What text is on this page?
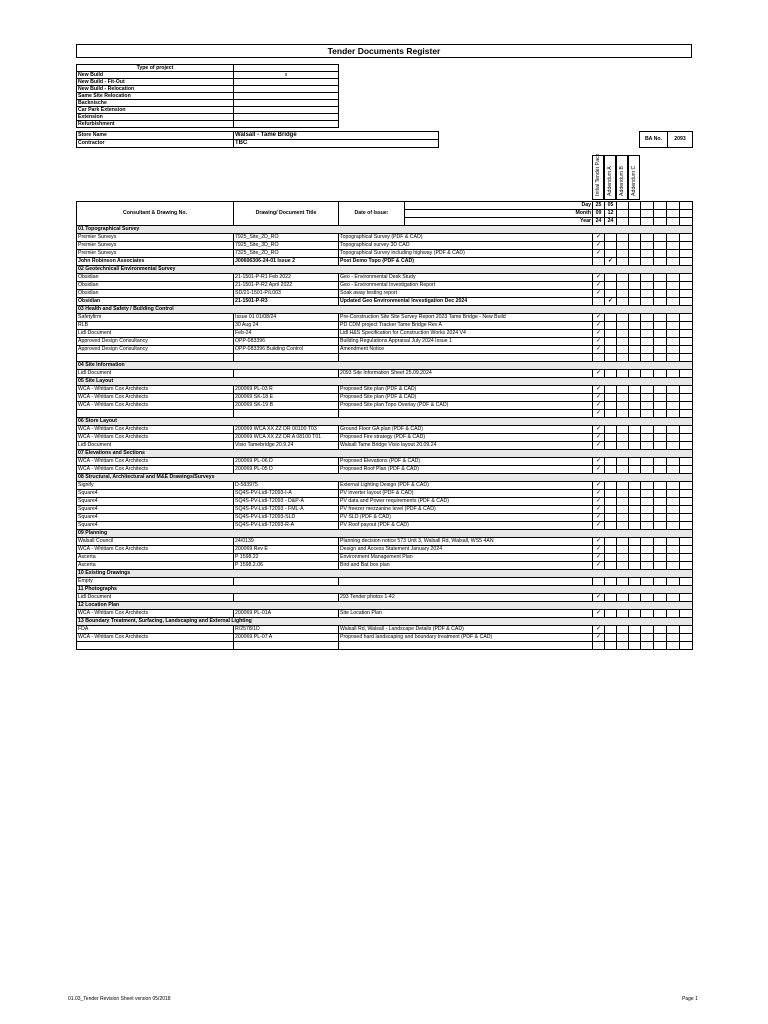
Tender Documents Register
Type of project	
New Build	x
New Build - Fit-Out	
New Build - Relocation	
Same Site Relocation	
Backnische	
Car Park Extension	
Extension	
Refurbishment	
Store Name	Walsall - Tame Bridge		BA No.	2093
Contractor	TBC			
Initial Tender Pack Addendum A Addendum B Addendum C
Consultant & Drawing No.	Drawing/ Document Title	Date of Issue:	Day	25	05						
			Month	09	12						
			Year	24	24						
01 Topographical Survey											
Premier Surveys	7925_Site_2D_RO	Topographical Survey (PDF & CAD)		✓							
Premier Surveys	7925_Site_3D_RO	Topographical survey 3D CAD		✓							
Premier Surveys	7325_Site_2D_RO	Topographical Survey including highway (PDF & CAD)		✓							
John Robinson Associates	J00606306-24-01 Issue 2	Post Demo Topo (PDF & CAD)			✓						
02 Geotechnical/ Environmental Survey											
Obsidian	21-1501-P-R1 Feb 2022	Geo - Environmental Desk Study		✓							
Obsidian	21-1501-P-R2 April 2022	Geo - Environmental Investigation Report		✓							
Obsidian	SD/21-1501-P/L003	Soak away testing report		✓							
Obsidian	21-1501-P-R3	Updated Geo Environmental Investigation Dec 2024			✓						
03 Health and Safety / Building Control											
Safetyfirm	Issue 01 01/08/24	Pre-Construction Site Site Survey Report 2023 Tame Bridge - New Build		✓							
RLB	30 Aug 24	PD CDM project Tracker Tame Bridge Rev A		✓							
Lidl Document	Feb-24	Lidl H&S Specification for Construction Works 2024 V4		✓							
Approved Design Consultancy	OPP-083396	Building Regulations Appraisal July 2024 Issue 1		✓							
Approved Design Consultancy	OPP-083396 Building Control	Amendment Notice		✓							

04 Site Information											
Lidl Document		2093 Site Information Sheet 25.09.2024		✓							
05 Site Layout											
WCA - Whittam Cox Architects	200069 PL-03 R	Proposed Site plan (PDF & CAD)		✓							
WCA - Whittam Cox Architects	200069 SK-18 E	Proposed Site plan (PDF & CAD)		✓							
WCA - Whittam Cox Architects	200069 SK-19 B	Proposed Site plan Topo Overlay (PDF & CAD)		✓							
				✓							
06 Store Layout											
WCA - Whittam Cox Architects	200069 WCA XX ZZ DR 00100 T03	Ground Floor GA plan (PDF & CAD)		✓							
WCA - Whittam Cox Architects	200069 WCA XX ZZ DR A 08100 T01	Proposed Fire strategy (PDF & CAD)		✓							
Lidl Document	Visio Tamebridge 20.9.24	Walsall Tame Bridge Visio layout 20.09.24		✓							
07 Elevations and Sections											
WCA - Whittam Cox Architects	200069 PL-06 D	Proposed Elevations (PDF & CAD)		✓							
WCA - Whittam Cox Architects	200069 PL-05 D	Proposed Roof Plan (PDF & CAD)		✓							
08 Structural, Architectural and M&E Drawings/Surveys											
Signify	D-583975	External Lighting Design (PDF & CAD)		✓							
Square4	SQ4S-PV-Lidl-T2093-I-A	PV inverter layout (PDF & CAD)		✓							
Square4	SQ4S-PV-Lidl-T2093 - D&P-A	PV data and Power requirements (PDF & CAD)		✓							
Square4	SQ4S-PV-Lidl-T2093 - FML-A	PV freezer mezzanine level (PDF & CAD)		✓							
Square4	SQ4S-PV-Lidl-T2093-SLD	PV SLD (PDF & CAD)		✓							
Square4	SQ4S-PV-Lidl-T2093-R-A	PV Roof payout (PDF & CAD)		✓							
09 Planning											
Walsall Council	24/0139	Planning decision notice 573 Unit 3, Walsall Rd, Walsall, WS5 4AN		✓							
WCA - Whittam Cox Architects	200069 Rev E	Design and Access Statement January 2024		✓							
Ascerta	P 1598.22	Environment Management Plan		✓							
Ascerta	P 1598.2.06	Bird and Bat box plan		✓							
10 Existing Drawings											
Empty											
11 Photographs											
Lidl Document		293 Tender photos 1-42		✓							
12 Location Plan											
WCA - Whittam Cox Architects	200069 PL-01A	Site Location Plan		✓							
13 Boundary Treatment, Surfacing, Landscaping and External Lighting											
FDA	R/2578/1D	Walsall Rd, Walsall - Landscape Details (PDF & CAD)		✓							
WCA - Whittam Cox Architects	200069 PL-07 A	Proposed hard landscaping and boundary treatment (PDF & CAD)		✓							

01.03_Tender Revision Sheet version 05/2018	Page 1
